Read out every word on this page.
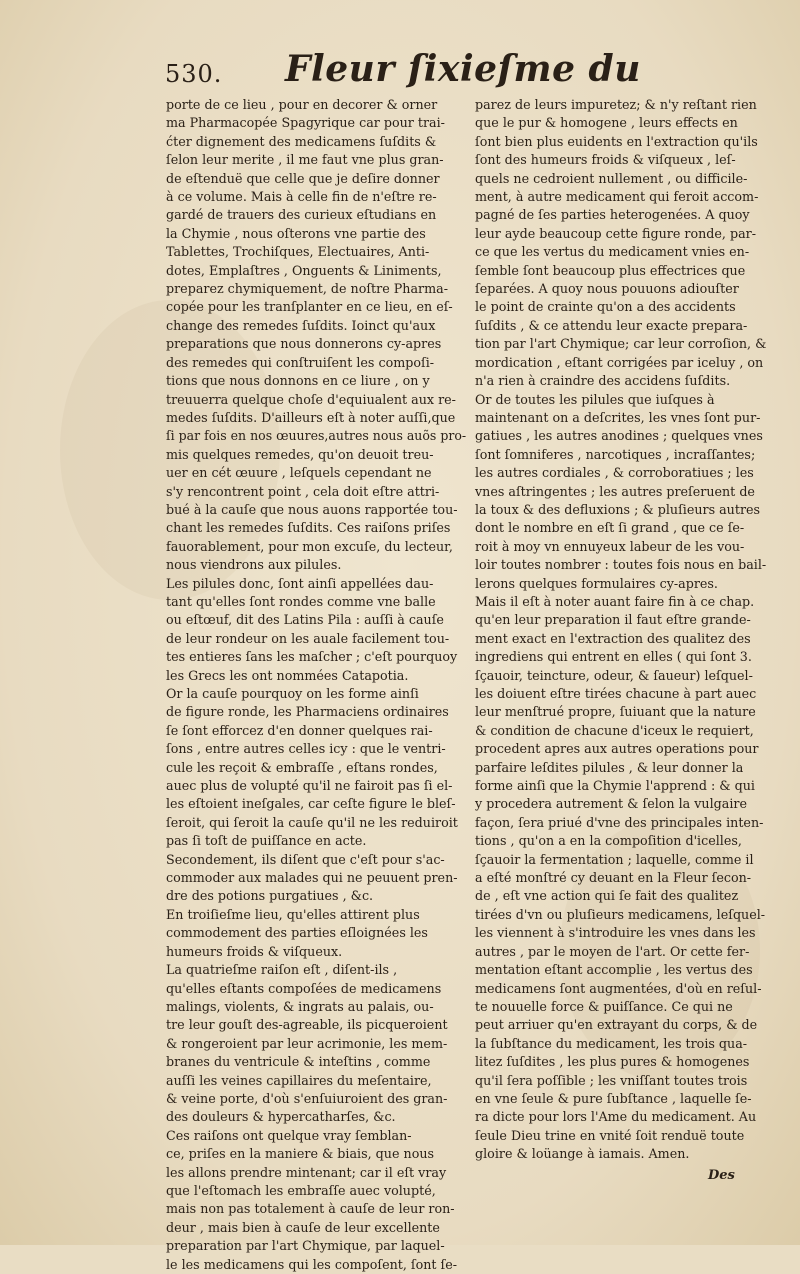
530. Fleur ſixieſme du
porte de ce lieu , pour en decorer & orner
ma Pharmacopée Spagyrique car pour trai-
ćter dignement des medicamens ſuſdits &
ſelon leur merite , il me faut vne plus gran-
de eſtenduë que celle que je deſire donner
à ce volume. Mais à celle fin de n'eſtre re-
gardé de trauers des curieux eſtudians en
la Chymie , nous oſterons vne partie des
Tablettes, Trochiſques, Electuaires, Anti-
dotes, Emplaſtres , Onguents & Liniments,
preparez chymiquement, de noſtre Pharma-
copée pour les tranſplanter en ce lieu, en eſ-
change des remedes ſuſdits. Ioinct qu'aux
preparations que nous donnerons cy-apres
des remedes qui conſtruiſent les compoſi-
tions que nous donnons en ce liure , on y
treuuerra quelque choſe d'equiualent aux re-
medes ſuſdits. D'ailleurs eſt à noter auſſi,que
ſi par fois en nos œuures,autres nous auõs pro-
mis quelques remedes, qu'on deuoit treu-
uer en cét œuure , leſquels cependant ne
s'y rencontrent point , cela doit eſtre attri-
bué à la cauſe que nous auons rapportée tou-
chant les remedes ſuſdits. Ces raiſons priſes
fauorablement, pour mon excuſe, du lecteur,
nous viendrons aux pilules.
Les pilules donc, ſont ainſi appellées dau-
tant qu'elles ſont rondes comme vne balle
ou eſtœuf, dit des Latins Pila : auſſi à cauſe
de leur rondeur on les auale facilement tou-
tes entieres ſans les maſcher ; c'eſt pourquoy
les Grecs les ont nommées Catapotia.
Or la cauſe pourquoy on les forme ainſi
de figure ronde, les Pharmaciens ordinaires
ſe ſont efforcez d'en donner quelques rai-
ſons , entre autres celles icy : que le ventri-
cule les reçoit & embraſſe , eſtans rondes,
auec plus de volupté qu'il ne fairoit pas ſi el-
les eſtoient ineſgales, car ceſte figure le bleſ-
ſeroit, qui ſeroit la cauſe qu'il ne les reduiroit
pas ſi toſt de puiſſance en acte.
Secondement, ils diſent que c'eſt pour s'ac-
commoder aux malades qui ne peuuent pren-
dre des potions purgatiues , &c.
En troiſieſme lieu, qu'elles attirent plus
commodement des parties eſloignées les
humeurs froids & viſqueux.
La quatrieſme raiſon eſt , diſent-ils ,
qu'elles eſtants compoſées de medicamens
malings, violents, & ingrats au palais, ou-
tre leur gouſt des-agreable, ils picqueroient
& rongeroient par leur acrimonie, les mem-
branes du ventricule & inteſtins , comme
auſſi les veines capillaires du meſentaire,
& veine porte, d'où s'enſuiuroient des gran-
des douleurs & hypercatharſes, &c.
Ces raiſons ont quelque vray ſemblan-
ce, priſes en la maniere & biais, que nous
les allons prendre mintenant; car il eſt vray
que l'eſtomach les embraſſe auec volupté,
mais non pas totalement à cauſe de leur ron-
deur , mais bien à cauſe de leur excellente
preparation par l'art Chymique, par laquel-
le les medicamens qui les compoſent, ſont ſe-
parez de leurs impuretez; & n'y reſtant rien
que le pur & homogene , leurs effects en
ſont bien plus euidents en l'extraction qu'ils
ſont des humeurs froids & viſqueux , leſ-
quels ne cedroient nullement , ou difficile-
ment, à autre medicament qui feroit accom-
pagné de ſes parties heterogenées. A quoy
leur ayde beaucoup cette figure ronde, par-
ce que les vertus du medicament vnies en-
ſemble ſont beaucoup plus effectrices que
ſeparées. A quoy nous pouuons adiouſter
le point de crainte qu'on a des accidents
ſuſdits , & ce attendu leur exacte prepara-
tion par l'art Chymique; car leur corroſion, &
mordication , eſtant corrigées par iceluy , on
n'a rien à craindre des accidens ſuſdits.
Or de toutes les pilules que iuſques à
maintenant on a deſcrites, les vnes ſont pur-
gatiues , les autres anodines ; quelques vnes
ſont ſomniferes , narcotiques , incraſſantes;
les autres cordiales , & corroboratiues ; les
vnes aſtringentes ; les autres preſeruent de
la toux & des defluxions ; & pluſieurs autres
dont le nombre en eſt ſi grand , que ce ſe-
roit à moy vn ennuyeux labeur de les vou-
loir toutes nombrer : toutes fois nous en bail-
lerons quelques formulaires cy-apres.
Mais il eſt à noter auant faire fin à ce chap.
qu'en leur preparation il faut eſtre grande-
ment exact en l'extraction des qualitez des
ingrediens qui entrent en elles ( qui ſont 3.
ſçauoir, teincture, odeur, & ſaueur) leſquel-
les doiuent eſtre tirées chacune à part auec
leur menſtrué propre, ſuiuant que la nature
& condition de chacune d'iceux le requiert,
procedent apres aux autres operations pour
parfaire leſdites pilules , & leur donner la
forme ainſi que la Chymie l'apprend : & qui
y procedera autrement & ſelon la vulgaire
façon, ſera priué d'vne des principales inten-
tions , qu'on a en la compoſition d'icelles,
ſçauoir la fermentation ; laquelle, comme il
a eſté monſtré cy deuant en la Fleur ſecon-
de , eſt vne action qui ſe fait des qualitez
tirées d'vn ou pluſieurs medicamens, leſquel-
les viennent à s'introduire les vnes dans les
autres , par le moyen de l'art. Or cette fer-
mentation eſtant accomplie , les vertus des
medicamens ſont augmentées, d'où en reſul-
te nouuelle force & puiſſance. Ce qui ne
peut arriuer qu'en extrayant du corps, & de
la ſubſtance du medicament, les trois qua-
litez ſuſdites , les plus pures & homogenes
qu'il ſera poſſible ; les vniſſant toutes trois
en vne ſeule & pure ſubſtance , laquelle ſe-
ra dicte pour lors l'Ame du medicament. Au
ſeule Dieu trine en vnité ſoit renduë toute
gloire & loüange à iamais. Amen.
Des
